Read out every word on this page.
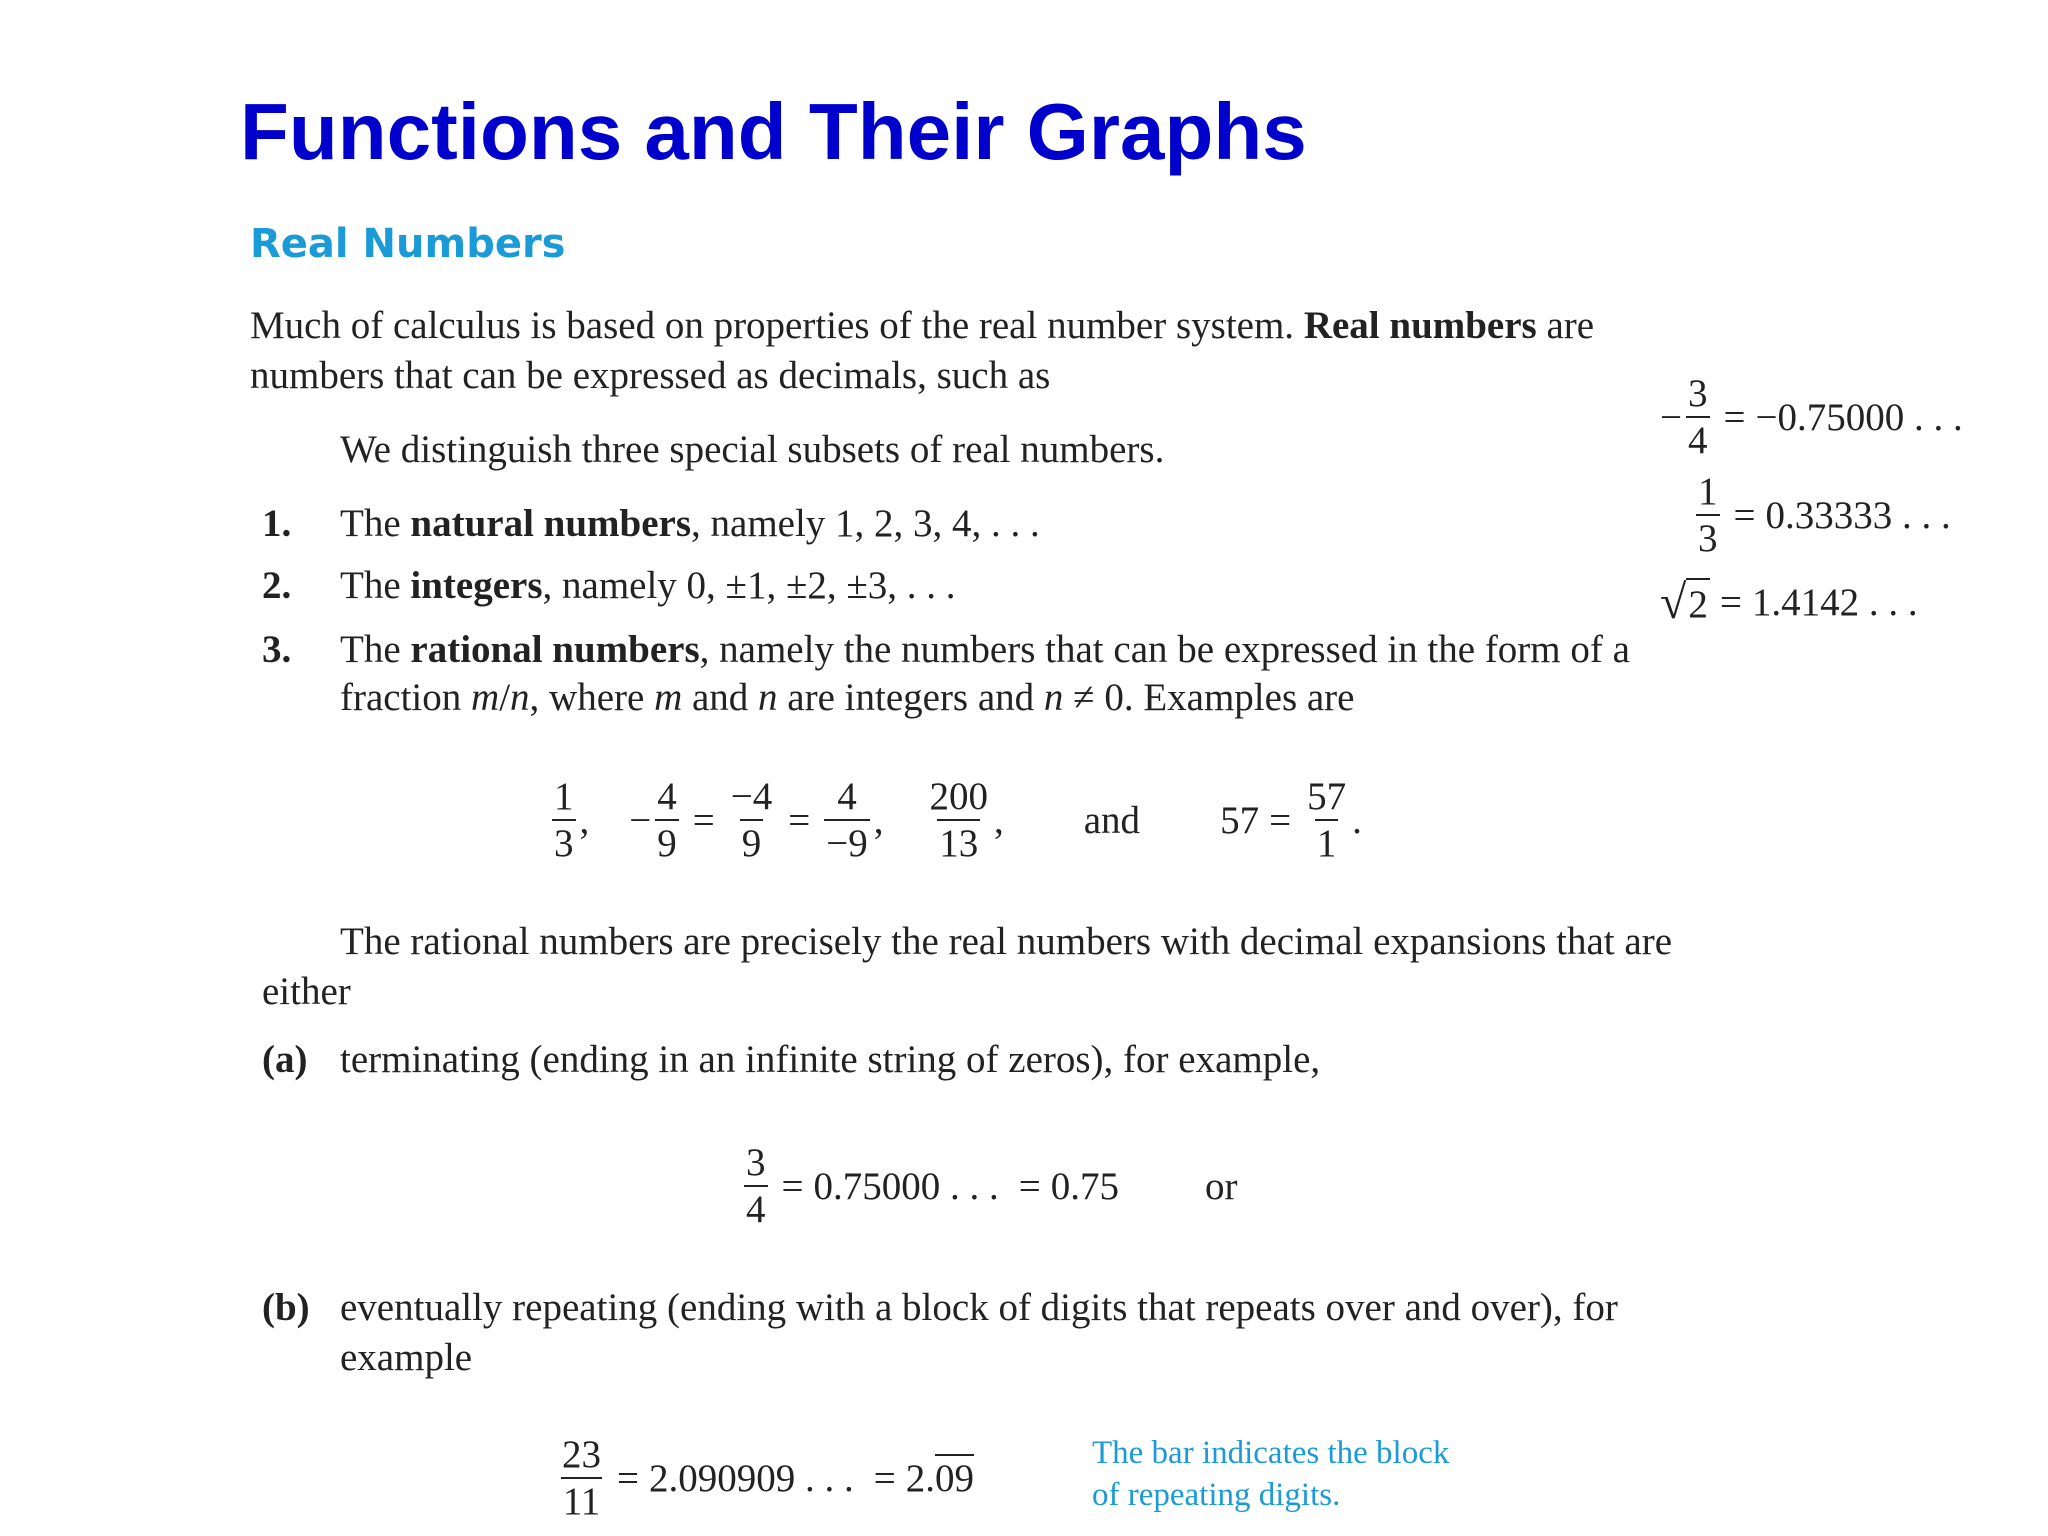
Functions and Their Graphs
Real Numbers
Much of calculus is based on properties of the real number system. Real numbers are
numbers that can be expressed as decimals, such as
− $\frac{3}{4} = -0.75000$ . . .
$\frac{1}{3} = 0.33333$ . . .
√ 2 = 1.4142 . . .
We distinguish three special subsets of real numbers.
1. The natural numbers, namely 1, 2, 3, 4, . . .
2. The integers, namely 0, ±1, ±2, ±3, . . .
3. The rational numbers, namely the numbers that can be expressed in the form of a
fraction m/n, where m and n are integers and n ≠ 0. Examples are
$\frac{1}{3}$ , − $\frac{4}{9} = \frac{-4}{9} = \frac{4}{-9}$ , $\frac{200}{13}$ , and $57 = \frac{57}{1}$ .
The rational numbers are precisely the real numbers with decimal expansions that are
either
(a) terminating (ending in an infinite string of zeros), for example,
$\frac{3}{4} = 0.75000$ . . . = 0.75 or
(b) eventually repeating (ending with a block of digits that repeats over and over), for
example
$\frac{23}{11} = 2.090909$ . . . = 2.09
The bar indicates the block
of repeating digits.
